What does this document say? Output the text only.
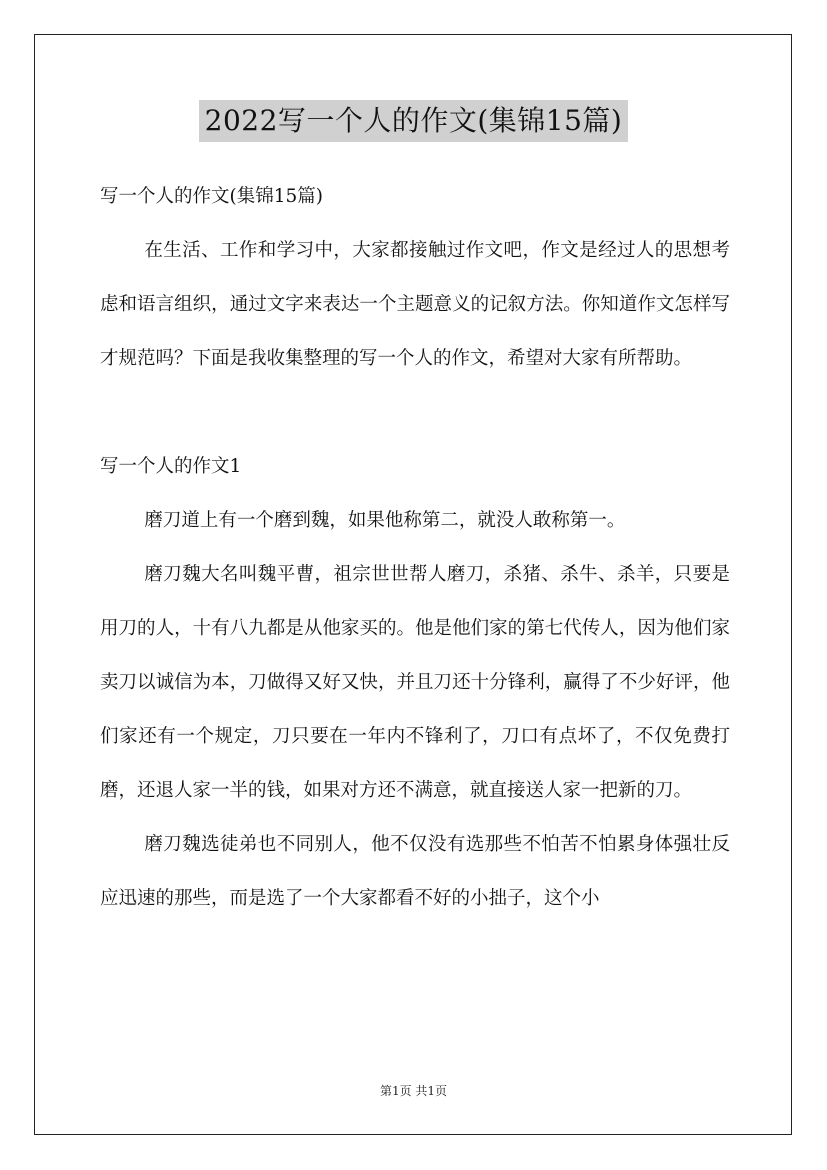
2022写一个人的作文(集锦15篇)

写一个人的作文(集锦15篇)

在生活、工作和学习中，大家都接触过作文吧，作文是经过人的思想考虑和语言组织，通过文字来表达一个主题意义的记叙方法。你知道作文怎样写才规范吗？下面是我收集整理的写一个人的作文，希望对大家有所帮助。

写一个人的作文1

磨刀道上有一个磨到魏，如果他称第二，就没人敢称第一。

磨刀魏大名叫魏平曹，祖宗世世帮人磨刀，杀猪、杀牛、杀羊，只要是用刀的人，十有八九都是从他家买的。他是他们家的第七代传人，因为他们家卖刀以诚信为本，刀做得又好又快，并且刀还十分锋利，赢得了不少好评，他们家还有一个规定，刀只要在一年内不锋利了，刀口有点坏了，不仅免费打磨，还退人家一半的钱，如果对方还不满意，就直接送人家一把新的刀。

磨刀魏选徒弟也不同别人，他不仅没有选那些不怕苦不怕累身体强壮反应迅速的那些，而是选了一个大家都看不好的小拙子，这个小

第1页 共1页
